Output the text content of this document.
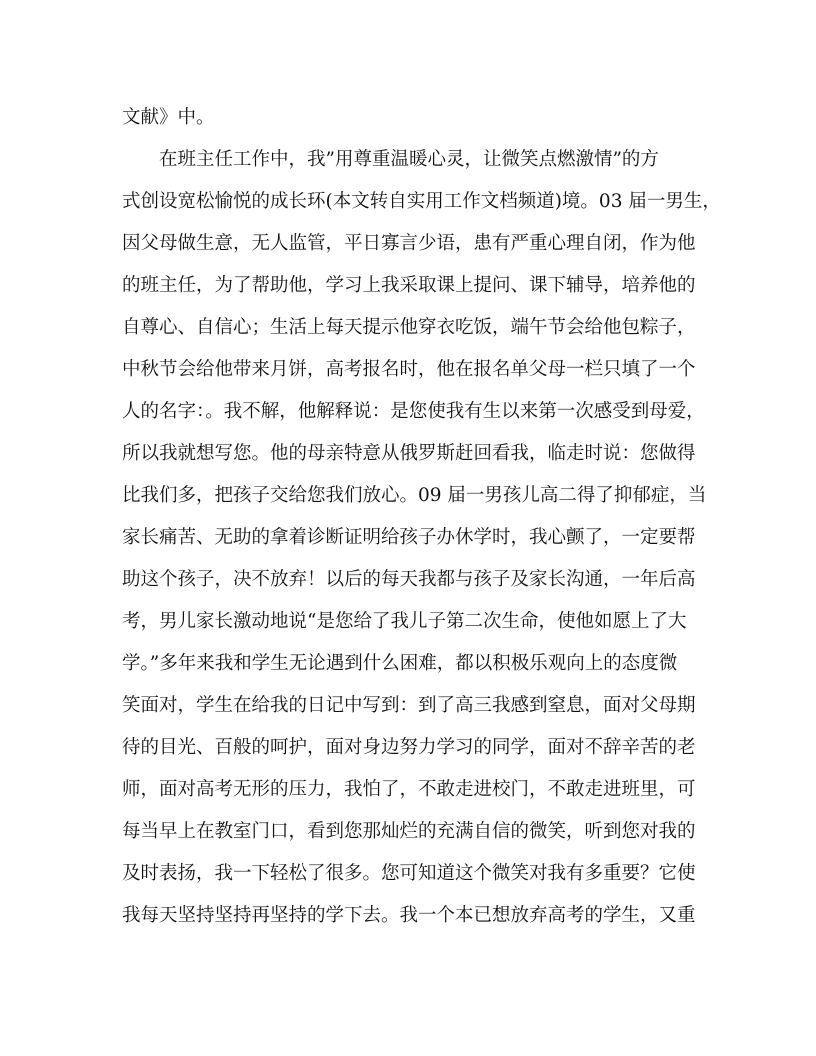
文献》中。
　　在班主任工作中，我”用尊重温暖心灵，让微笑点燃激情”的方
式创设宽松愉悦的成长环(本文转自实用工作文档频道)境。03 届一男生，
因父母做生意，无人监管，平日寡言少语，患有严重心理自闭，作为他
的班主任，为了帮助他，学习上我采取课上提问、课下辅导，培养他的
自尊心、自信心；生活上每天提示他穿衣吃饭，端午节会给他包粽子，
中秋节会给他带来月饼，高考报名时，他在报名单父母一栏只填了一个
人的名字：。我不解，他解释说：是您使我有生以来第一次感受到母爱，
所以我就想写您。他的母亲特意从俄罗斯赶回看我，临走时说：您做得
比我们多，把孩子交给您我们放心。09 届一男孩儿高二得了抑郁症，当
家长痛苦、无助的拿着诊断证明给孩子办休学时，我心颤了，一定要帮
助这个孩子，决不放弃！以后的每天我都与孩子及家长沟通，一年后高
考，男儿家长激动地说“是您给了我儿子第二次生命，使他如愿上了大
学。”多年来我和学生无论遇到什么困难，都以积极乐观向上的态度微
笑面对，学生在给我的日记中写到：到了高三我感到窒息，面对父母期
待的目光、百般的呵护，面对身边努力学习的同学，面对不辞辛苦的老
师，面对高考无形的压力，我怕了，不敢走进校门，不敢走进班里，可
每当早上在教室门口，看到您那灿烂的充满自信的微笑，听到您对我的
及时表扬，我一下轻松了很多。您可知道这个微笑对我有多重要？它使
我每天坚持坚持再坚持的学下去。我一个本已想放弃高考的学生，又重
